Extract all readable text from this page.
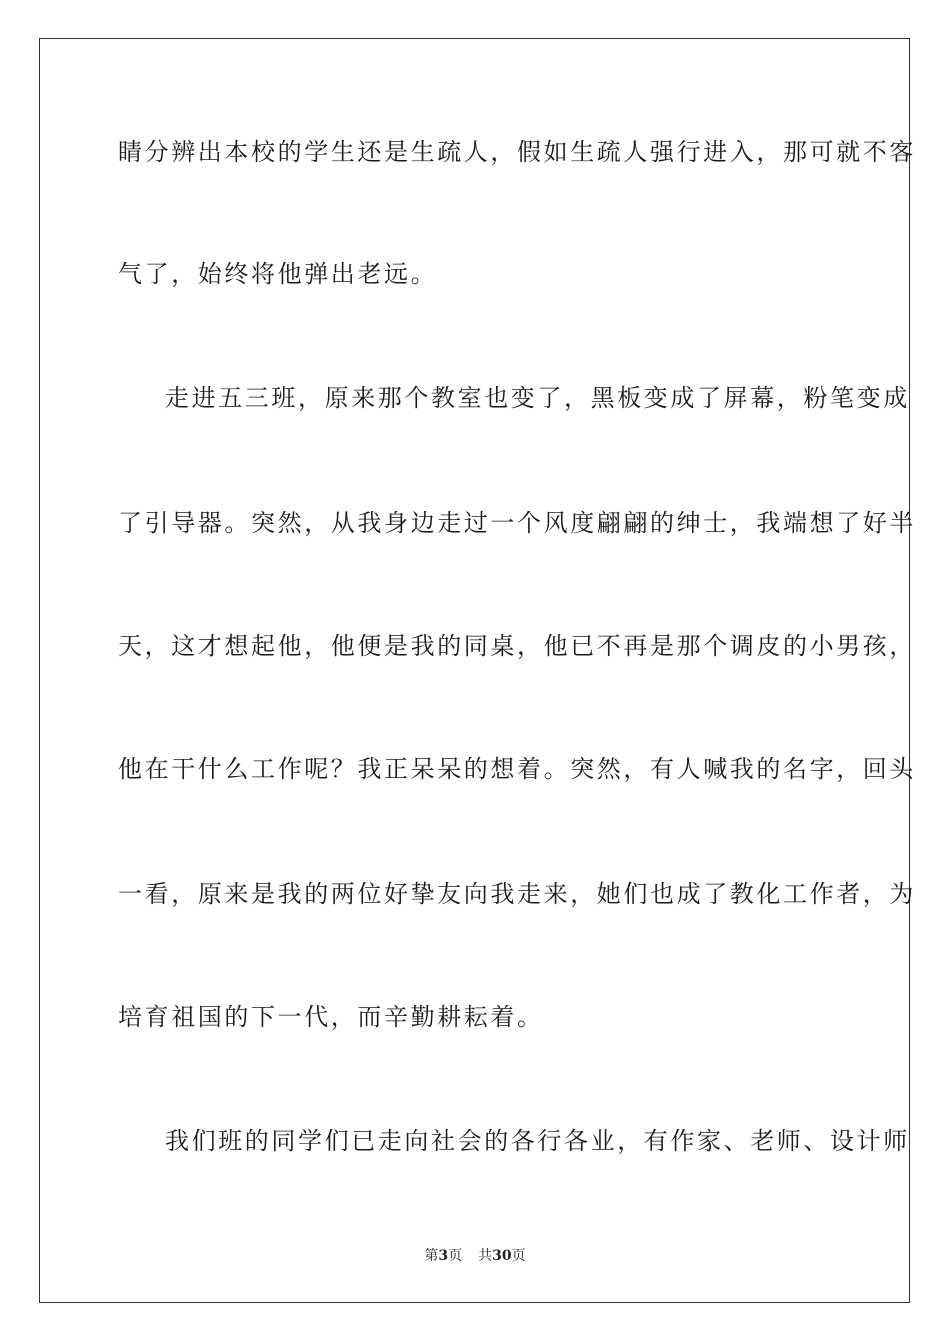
睛分辨出本校的学生还是生疏人，假如生疏人强行进入，那可就不客
气了，始终将他弹出老远。
走进五三班，原来那个教室也变了，黑板变成了屏幕，粉笔变成
了引导器。突然，从我身边走过一个风度翩翩的绅士，我端想了好半
天，这才想起他，他便是我的同桌，他已不再是那个调皮的小男孩，
他在干什么工作呢？我正呆呆的想着。突然，有人喊我的名字，回头
一看，原来是我的两位好挚友向我走来，她们也成了教化工作者，为
培育祖国的下一代，而辛勤耕耘着。
我们班的同学们已走向社会的各行各业，有作家、老师、设计师
第3页 共30页
